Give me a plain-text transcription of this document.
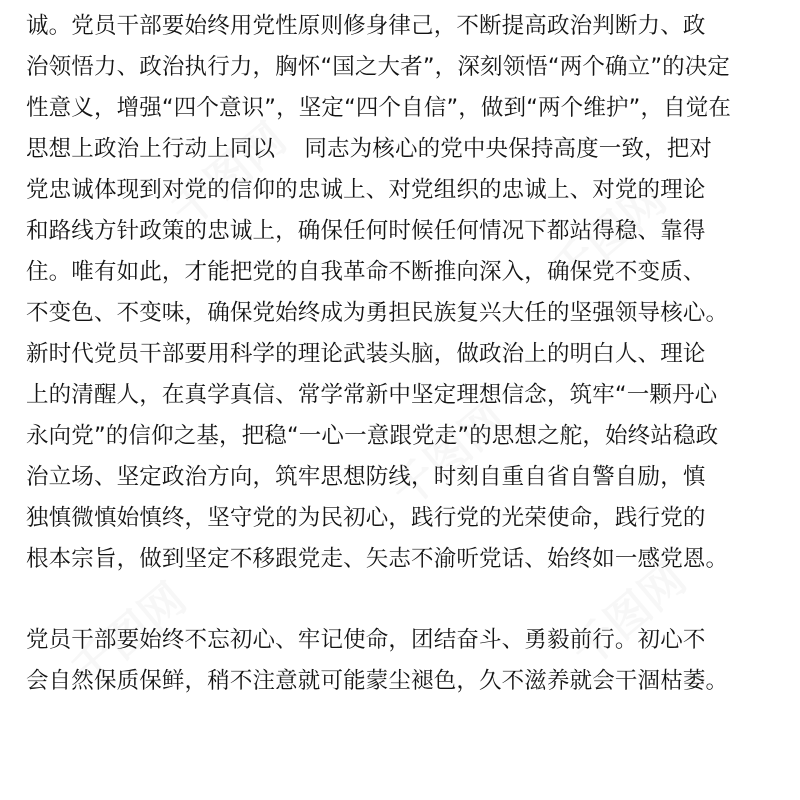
千图网	千图网
千图网
千图网	千图网
诚。党员干部要始终用党性原则修身律己，不断提高政治判断力、政
治领悟力、政治执行力，胸怀“国之大者”，深刻领悟“两个确立”的决定
性意义，增强“四个意识”，坚定“四个自信”，做到“两个维护”，自觉在
思想上政治上行动上同以    同志为核心的党中央保持高度一致，把对
党忠诚体现到对党的信仰的忠诚上、对党组织的忠诚上、对党的理论
和路线方针政策的忠诚上，确保任何时候任何情况下都站得稳、靠得
住。唯有如此，才能把党的自我革命不断推向深入，确保党不变质、
不变色、不变味，确保党始终成为勇担民族复兴大任的坚强领导核心。
新时代党员干部要用科学的理论武装头脑，做政治上的明白人、理论
上的清醒人，在真学真信、常学常新中坚定理想信念，筑牢“一颗丹心
永向党”的信仰之基，把稳“一心一意跟党走”的思想之舵，始终站稳政
治立场、坚定政治方向，筑牢思想防线，时刻自重自省自警自励，慎
独慎微慎始慎终，坚守党的为民初心，践行党的光荣使命，践行党的
根本宗旨，做到坚定不移跟党走、矢志不渝听党话、始终如一感党恩。
党员干部要始终不忘初心、牢记使命，团结奋斗、勇毅前行。初心不
会自然保质保鲜，稍不注意就可能蒙尘褪色，久不滋养就会干涸枯萎。
